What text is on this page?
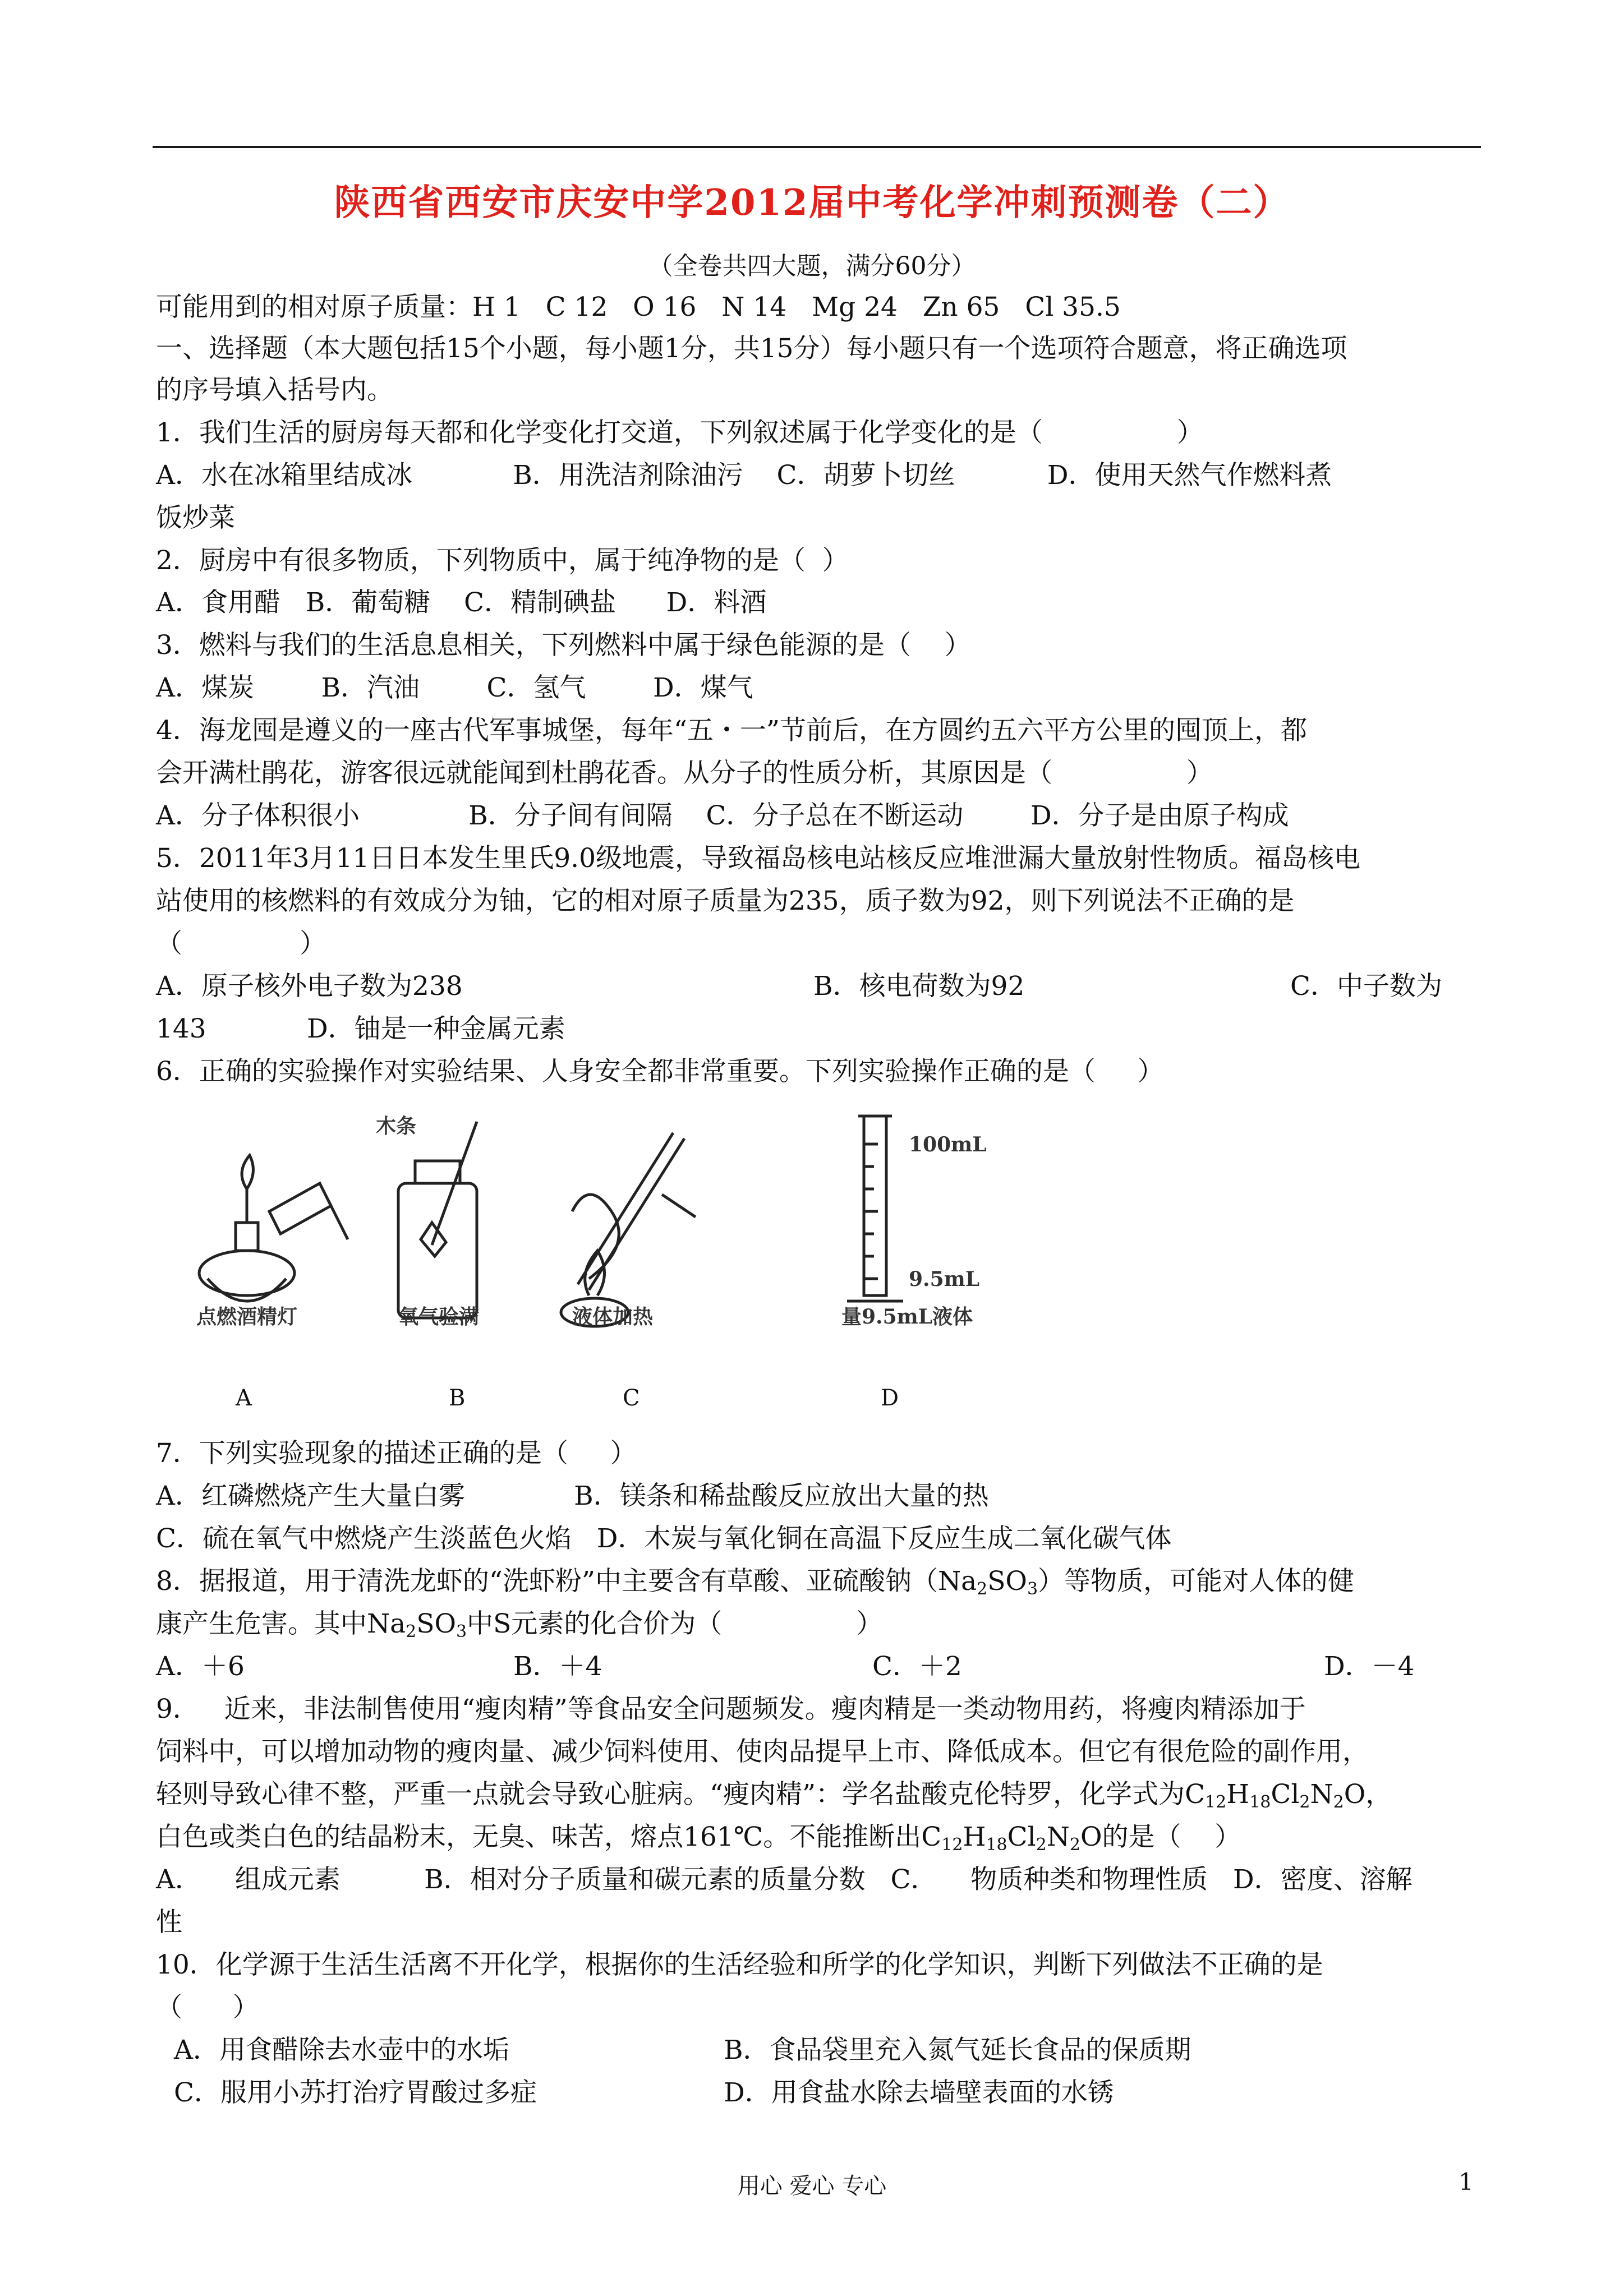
陕西省西安市庆安中学2012届中考化学冲刺预测卷（二）
（全卷共四大题，满分60分）
可能用到的相对原子质量：H 1   C 12   O 16   N 14   Mg 24   Zn 65   Cl 35.5
一、选择题（本大题包括15个小题，每小题1分，共15分）每小题只有一个选项符合题意，将正确选项
的序号填入括号内。
1．我们生活的厨房每天都和化学变化打交道，下列叙述属于化学变化的是（                ）
A．水在冰箱里结成冰            B．用洗洁剂除油污    C．胡萝卜切丝           D．使用天然气作燃料煮
饭炒菜
2．厨房中有很多物质，下列物质中，属于纯净物的是（  ）
A．食用醋   B．葡萄糖    C．精制碘盐      D．料酒
3．燃料与我们的生活息息相关，下列燃料中属于绿色能源的是（    ）
A．煤炭        B．汽油        C．氢气        D．煤气
4．海龙囤是遵义的一座古代军事城堡，每年“五・一”节前后，在方圆约五六平方公里的囤顶上，都
会开满杜鹃花，游客很远就能闻到杜鹃花香。从分子的性质分析，其原因是（                ）
A．分子体积很小             B．分子间有间隔    C．分子总在不断运动        D．分子是由原子构成
5．2011年3月11日日本发生里氏9.0级地震，导致福岛核电站核反应堆泄漏大量放射性物质。福岛核电
站使用的核燃料的有效成分为铀，它的相对原子质量为235，质子数为92，则下列说法不正确的是
（              ）
A．原子核外电子数为238	B．核电荷数为92	C．中子数为
143            D．铀是一种金属元素
6．正确的实验操作对实验结果、人身安全都非常重要。下列实验操作正确的是（     ）
木条
100mL
9.5mL
点燃酒精灯	氧气验满	液体加热	量9.5mL液体
A	B	C	D
7．下列实验现象的描述正确的是（     ）
A．红磷燃烧产生大量白雾             B．镁条和稀盐酸反应放出大量的热
C．硫在氧气中燃烧产生淡蓝色火焰   D．木炭与氧化铜在高温下反应生成二氧化碳气体
8．据报道，用于清洗龙虾的“洗虾粉”中主要含有草酸、亚硫酸钠$(Na_2SO_3)$等物质，可能对人体的健
康产生危害。其中$Na_2SO_3$中S元素的化合价为（                ）
A．＋6	B．＋4	C．＋2	D．－4
9．   近来，非法制售使用“瘦肉精”等食品安全问题频发。瘦肉精是一类动物用药，将瘦肉精添加于
饲料中，可以增加动物的瘦肉量、减少饲料使用、使肉品提早上市、降低成本。但它有很危险的副作用，
轻则导致心律不整，严重一点就会导致心脏病。“瘦肉精”：学名盐酸克伦特罗，化学式为$C_{12}H_{18}Cl_2N_2O$，
白色或类白色的结晶粉末，无臭、味苦，熔点161℃。不能推断出$C_{12}H_{18}Cl_2N_2O$的是（    ）
A．    组成元素          B．相对分子质量和碳元素的质量分数   C．    物质种类和物理性质   D．密度、溶解
性
10．化学源于生活生活离不开化学，根据你的生活经验和所学的化学知识，判断下列做法不正确的是
（      ）
A．用食醋除去水壶中的水垢	B．食品袋里充入氮气延长食品的保质期
C．服用小苏打治疗胃酸过多症	D．用食盐水除去墙壁表面的水锈
用心 爱心 专心	1
